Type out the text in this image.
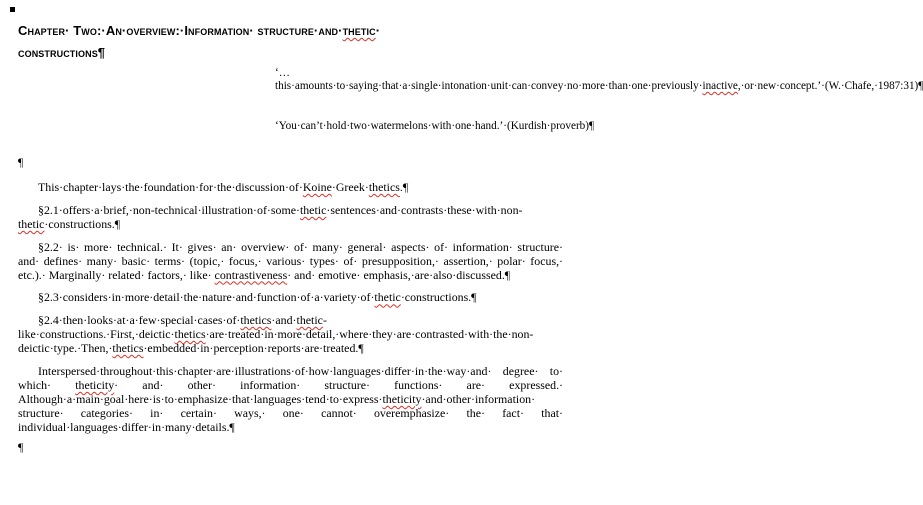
Chapter· Two:·An·overview:·Information· structure·and·thetic·
constructions¶
‘…this·amounts·to·saying·that·a·single·intonation·unit·can·convey·no·more·than·one·previously·inactive,·or·new·concept.’·(W.·Chafe,·1987:31)¶
‘You·can’t·hold·two·watermelons·with·one·hand.’·(Kurdish·proverb)¶
¶

This·chapter·lays·the·foundation·for·the·discussion·of·Koine·Greek·thetics.¶

§2.1·offers·a·brief,·non-technical·illustration·of·some·thetic·sentences·and·contrasts·these·with·non-thetic·constructions.¶

§2.2· is· more· technical.· It· gives· an· overview· of· many· general· aspects· of· information· structure· and· defines· many· basic· terms· (topic,· focus,· various· types· of· presupposition,· assertion,· polar· focus,· etc.).· Marginally· related· factors,· like· contrastiveness· and· emotive· emphasis,·are·also·discussed.¶

§2.3·considers·in·more·detail·the·nature·and·function·of·a·variety·of·thetic·constructions.¶

§2.4·then·looks·at·a·few·special·cases·of·thetics·and·thetic-like·constructions.·First,·deictic·thetics·are·treated·in·more·detail,·where·they·are·contrasted·with·the·non-deictic·type.·Then,·thetics·embedded·in·perception·reports·are·treated.¶

Interspersed·throughout·this·chapter·are·illustrations·of·how·languages·differ·in·the·way·and· degree· to· which· theticity· and· other· information· structure· functions· are· expressed.· Although·a·main·goal·here·is·to·emphasize·that·languages·tend·to·express·theticity·and·other·information· structure· categories· in· certain· ways,· one· cannot· overemphasize· the· fact· that· individual·languages·differ·in·many·details.¶

¶
